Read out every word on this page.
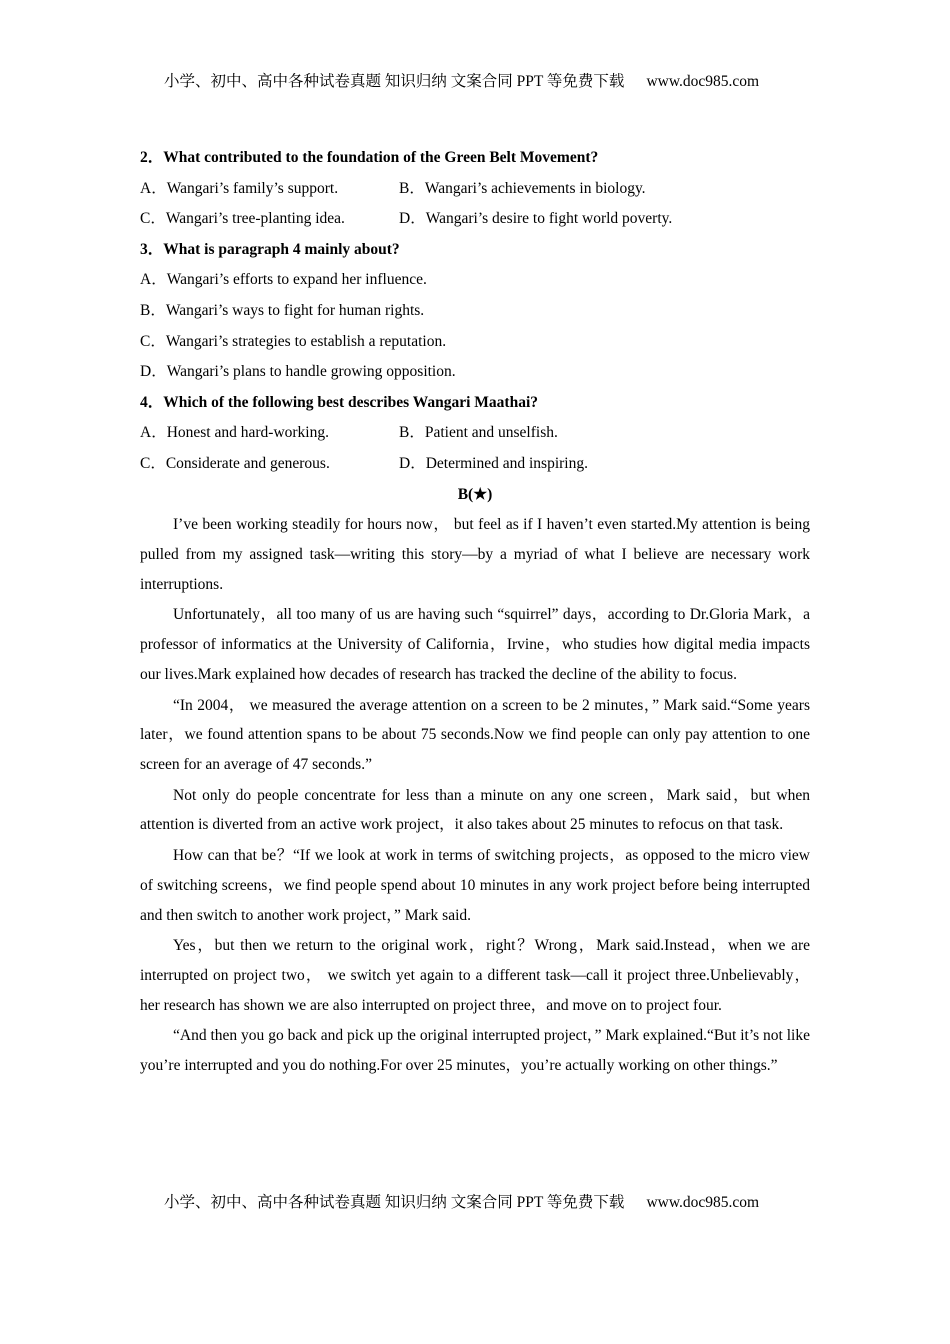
小学、初中、高中各种试卷真题 知识归纳 文案合同 PPT 等免费下载 www.doc985.com
2．What contributed to the foundation of the Green Belt Movement?
A．Wangari’s family’s support.	B．Wangari’s achievements in biology.
C．Wangari’s tree-planting idea.	D．Wangari’s desire to fight world poverty.
3．What is paragraph 4 mainly about?
A．Wangari’s efforts to expand her influence.
B．Wangari’s ways to fight for human rights.
C．Wangari’s strategies to establish a reputation.
D．Wangari’s plans to handle growing opposition.
4．Which of the following best describes Wangari Maathai?
A．Honest and hard-working.	B．Patient and unselfish.
C．Considerate and generous.	D．Determined and inspiring.
B(★)

I’ve been working steadily for hours now， but feel as if I haven’t even started.My attention is being pulled from my assigned task—writing this story—by a myriad of what I believe are necessary work interruptions.

Unfortunately，all too many of us are having such “squirrel” days，according to Dr.Gloria Mark，a professor of informatics at the University of California，Irvine，who studies how digital media impacts our lives.Mark explained how decades of research has tracked the decline of the ability to focus.

“In 2004， we measured the average attention on a screen to be 2 minutes，” Mark said.“Some years later，we found attention spans to be about 75 seconds.Now we find people can only pay attention to one screen for an average of 47 seconds.”

Not only do people concentrate for less than a minute on any one screen，Mark said，but when attention is diverted from an active work project，it also takes about 25 minutes to refocus on that task.

How can that be？“If we look at work in terms of switching projects，as opposed to the micro view of switching screens，we find people spend about 10 minutes in any work project before being interrupted and then switch to another work project，” Mark said.

Yes，but then we return to the original work，right？Wrong，Mark said.Instead，when we are interrupted on project two， we switch yet again to a different task—call it project three.Unbelievably，her research has shown we are also interrupted on project three，and move on to project four.

“And then you go back and pick up the original interrupted project，” Mark explained.“But it’s not like you’re interrupted and you do nothing.For over 25 minutes，you’re actually working on other things.”

小学、初中、高中各种试卷真题 知识归纳 文案合同 PPT 等免费下载 www.doc985.com
